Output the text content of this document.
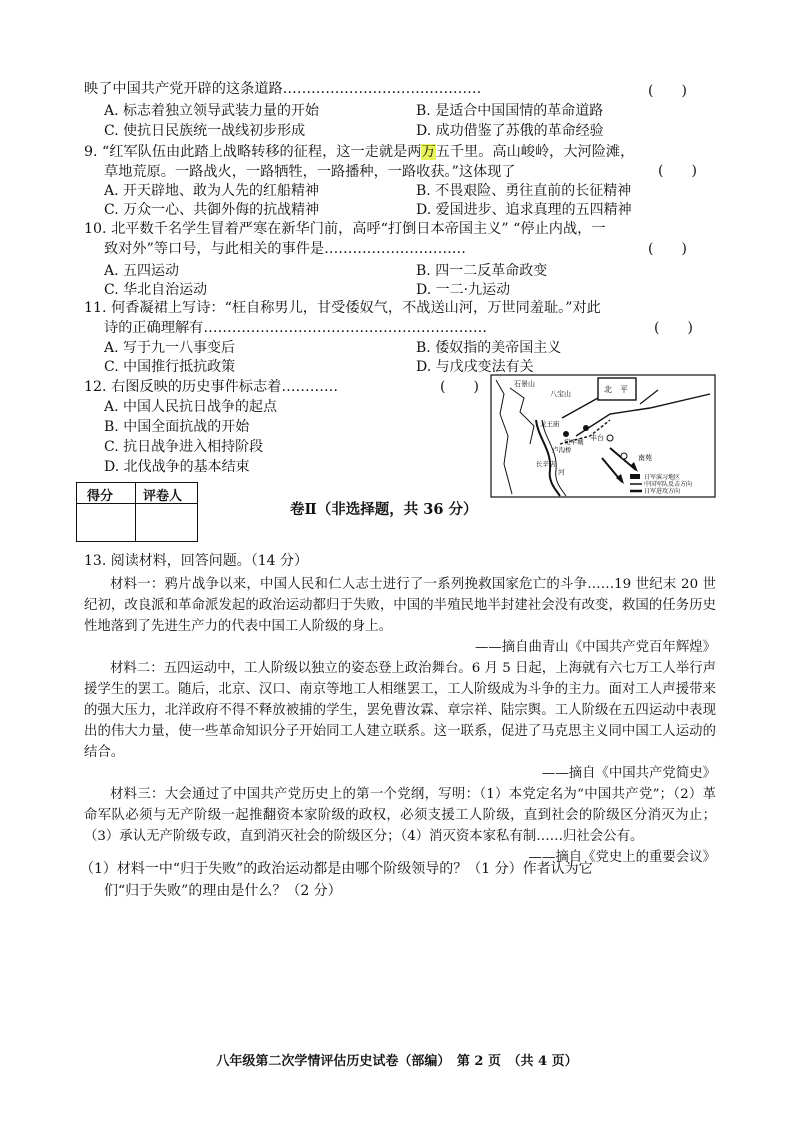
映了中国共产党开辟的这条道路……………………………………	(　　)
A. 标志着独立领导武装力量的开始	B. 是适合中国国情的革命道路
C. 使抗日民族统一战线初步形成	D. 成功借鉴了苏俄的革命经验
9. “红军队伍由此踏上战略转移的征程，这一走就是两万五千里。高山峻岭，大河险滩，
草地荒原。一路战火，一路牺牲，一路播种，一路收获。”这体现了	(　　)
A. 开天辟地、敢为人先的红船精神	B. 不畏艰险、勇往直前的长征精神
C. 万众一心、共御外侮的抗战精神	D. 爱国进步、追求真理的五四精神
10. 北平数千名学生冒着严寒在新华门前，高呼“打倒日本帝国主义” “停止内战，一
致对外”等口号，与此相关的事件是…………………………	(　　)
A. 五四运动	B. 四一二反革命政变
C. 华北自治运动	D. 一二·九运动
11. 何香凝裙上写诗：“枉自称男儿，甘受倭奴气，不战送山河，万世同羞耻。”对此
诗的正确理解有……………………………………………………	(　　)
A. 写于九一八事变后	B. 倭奴指的美帝国主义
C. 中国推行抵抗政策	D. 与戊戌变法有关
12. 右图反映的历史事件标志着…………	(　　)
A. 中国人民抗日战争的起点
B. 中国全面抗战的开始
C. 抗日战争进入相持阶段
D. 北伐战争的基本结束
石景山
八宝山	北　平
龙王庙
宛平城
卢沟桥
长辛店
丰台
河
南苑
日军演习地区
中国军队反击方向
日军进攻方向
得分 评卷人
卷Ⅱ（非选择题，共 36 分）
13. 阅读材料，回答问题。（14 分）

材料一：鸦片战争以来，中国人民和仁人志士进行了一系列挽救国家危亡的斗争……19 世纪末 20 世纪初，改良派和革命派发起的政治运动都归于失败，中国的半殖民地半封建社会没有改变，救国的任务历史性地落到了先进生产力的代表中国工人阶级的身上。

——摘自曲青山《中国共产党百年辉煌》

材料二：五四运动中，工人阶级以独立的姿态登上政治舞台。6 月 5 日起，上海就有六七万工人举行声援学生的罢工。随后，北京、汉口、南京等地工人相继罢工，工人阶级成为斗争的主力。面对工人声援带来的强大压力，北洋政府不得不释放被捕的学生，罢免曹汝霖、章宗祥、陆宗舆。工人阶级在五四运动中表现出的伟大力量，使一些革命知识分子开始同工人建立联系。这一联系，促进了马克思主义同中国工人运动的结合。

——摘自《中国共产党简史》

材料三：大会通过了中国共产党历史上的第一个党纲，写明：（1）本党定名为“中国共产党”；（2）革命军队必须与无产阶级一起推翻资本家阶级的政权，必须支援工人阶级，直到社会的阶级区分消灭为止；（3）承认无产阶级专政，直到消灭社会的阶级区分；（4）消灭资本家私有制……归社会公有。

——摘自《党史上的重要会议》
（1）材料一中“归于失败”的政治运动都是由哪个阶级领导的？（1 分）作者认为它
们“归于失败”的理由是什么？（2 分）
八年级第二次学情评估历史试卷（部编）　第 2 页　（共 4 页）
